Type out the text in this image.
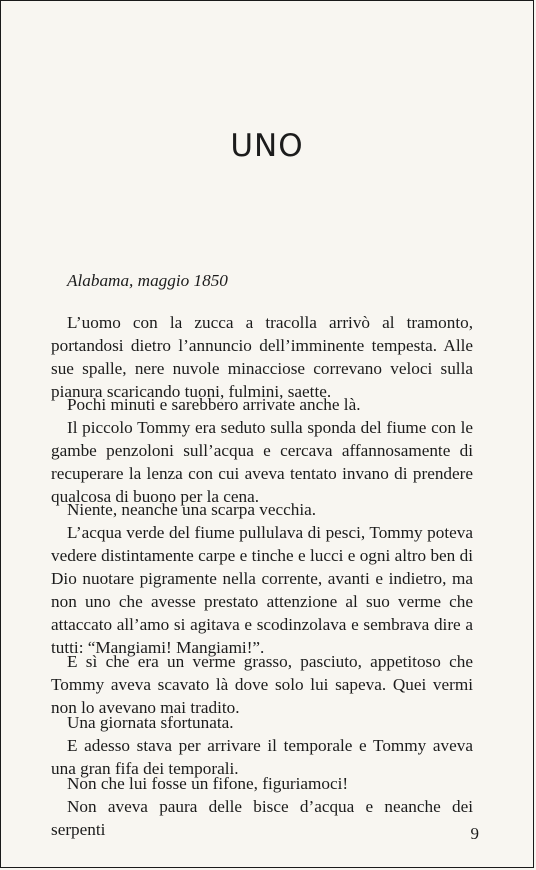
UNO
Alabama, maggio 1850

L’uomo con la zucca a tracolla arrivò al tramonto, portandosi dietro l’annuncio dell’imminente tempesta. Alle sue spalle, nere nuvole minacciose correvano veloci sulla pianura scaricando tuoni, fulmini, saette.

Pochi minuti e sarebbero arrivate anche là.

Il piccolo Tommy era seduto sulla sponda del fiume con le gambe penzoloni sull’acqua e cercava affannosamente di recuperare la lenza con cui aveva tentato invano di prendere qualcosa di buono per la cena.

Niente, neanche una scarpa vecchia.

L’acqua verde del fiume pullulava di pesci, Tommy poteva vedere distintamente carpe e tinche e lucci e ogni altro ben di Dio nuotare pigramente nella corrente, avanti e indietro, ma non uno che avesse prestato attenzione al suo verme che attaccato all’amo si agitava e scodinzolava e sembrava dire a tutti: “Mangiami! Mangiami!”.

E sì che era un verme grasso, pasciuto, appetitoso che Tommy aveva scavato là dove solo lui sapeva. Quei vermi non lo avevano mai tradito.

Una giornata sfortunata.

E adesso stava per arrivare il temporale e Tommy aveva una gran fifa dei temporali.

Non che lui fosse un fifone, figuriamoci!

Non aveva paura delle bisce d’acqua e neanche dei serpenti	9
